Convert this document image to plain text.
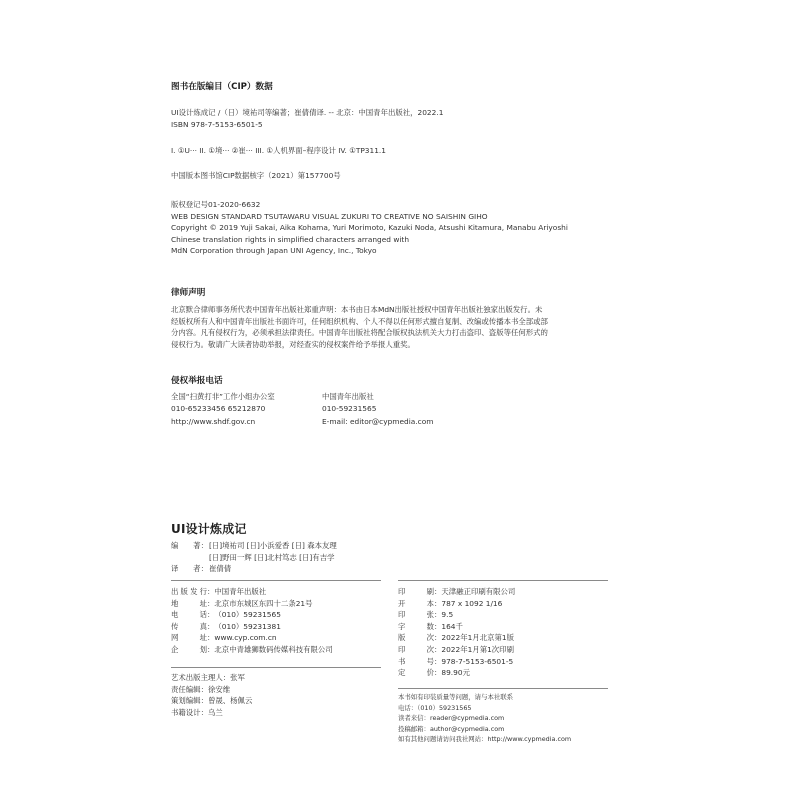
图书在版编目（CIP）数据
UI设计炼成记 /（日）境祐司等编著；崔倩倩译. -- 北京：中国青年出版社，2022.1
ISBN 978-7-5153-6501-5
I. ①U··· II. ①境··· ②崔··· III. ①人机界面–程序设计 IV. ①TP311.1
中国版本图书馆CIP数据核字（2021）第157700号
版权登记号01-2020-6632
WEB DESIGN STANDARD TSUTAWARU VISUAL ZUKURI TO CREATIVE NO SAISHIN GIHO
Copyright © 2019 Yuji Sakai, Aika Kohama, Yuri Morimoto, Kazuki Noda, Atsushi Kitamura, Manabu Ariyoshi
Chinese translation rights in simplified characters arranged with
MdN Corporation through Japan UNI Agency, Inc., Tokyo
律师声明
北京默合律师事务所代表中国青年出版社郑重声明：本书由日本MdN出版社授权中国青年出版社独家出版发行。未
经版权所有人和中国青年出版社书面许可，任何组织机构、个人不得以任何形式擅自复制、改编或传播本书全部或部
分内容。凡有侵权行为，必须承担法律责任。中国青年出版社将配合版权执法机关大力打击盗印、盗版等任何形式的
侵权行为。敬请广大读者协助举报，对经查实的侵权案件给予举报人重奖。
侵权举报电话
全国“扫黄打非”工作小组办公室
010-65233456 65212870
http://www.shdf.gov.cn
中国青年出版社
010-59231565
E-mail: editor@cypmedia.com
UI设计炼成记
编　　著： [日]境祐司 [日]小浜爱香 [日] 森本友理
[日]野田一辉 [日]北村笃志 [日]有吉学
译　　者： 崔倩倩
出版发行 ： 中国青年出版社
地　　址 ： 北京市东城区东四十二条21号
电　　话 ： （010）59231565
传　　真 ： （010）59231381
网　　址 ： www.cyp.com.cn
企　　划 ： 北京中青雄狮数码传媒科技有限公司
艺术出版主理人 ： 张军
责任编辑 ： 徐安维
策划编辑 ： 曾晟、杨佩云
书籍设计 ： 乌兰
印　　刷 ： 天津融正印刷有限公司
开　　本 ： 787 x 1092 1/16
印　　张 ： 9.5
字　　数 ： 164千
版　　次 ： 2022年1月北京第1版
印　　次 ： 2022年1月第1次印刷
书　　号 ： 978-7-5153-6501-5
定　　价 ： 89.90元
本书如有印装质量等问题，请与本社联系
电话：（010）59231565
读者来信：reader@cypmedia.com
投稿邮箱：author@cypmedia.com
如有其他问题请访问我社网站：http://www.cypmedia.com
